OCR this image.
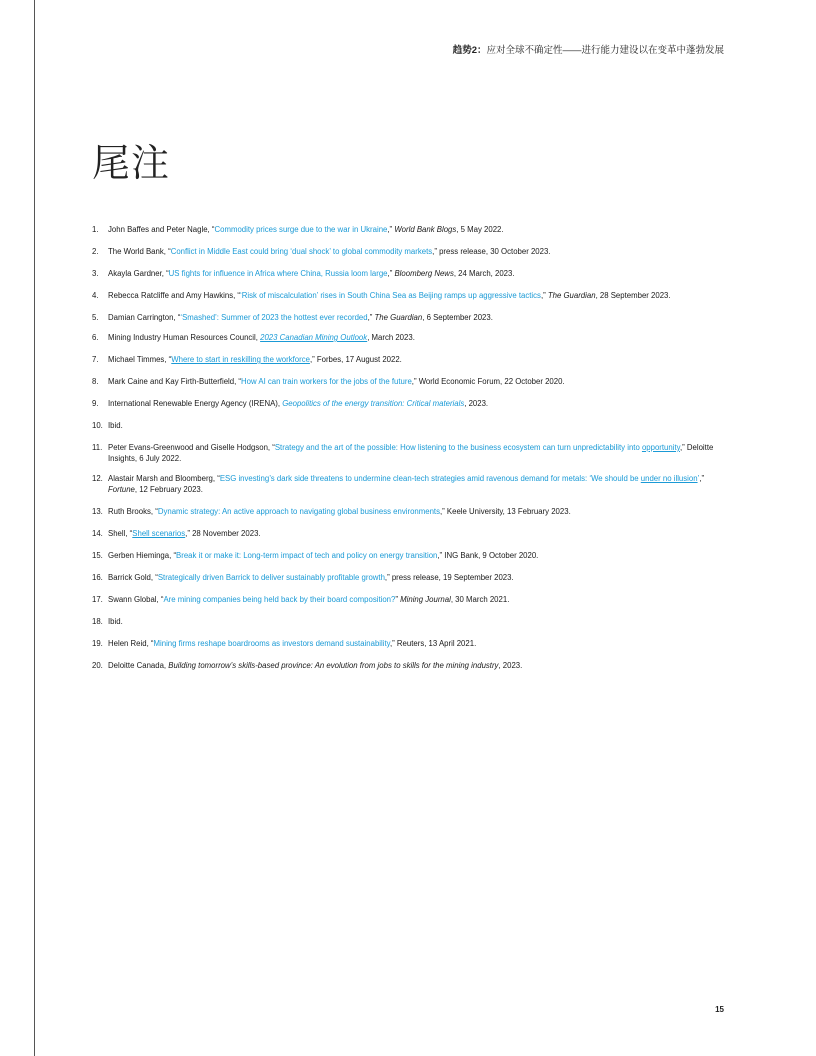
趋势2：应对全球不确定性——进行能力建设以在变革中蓬勃发展
尾注
1.	John Baffes and Peter Nagle, “Commodity prices surge due to the war in Ukraine,” World Bank Blogs, 5 May 2022.
2.	The World Bank, “Conflict in Middle East could bring ‘dual shock’ to global commodity markets,” press release, 30 October 2023.
3.	Akayla Gardner, “US fights for influence in Africa where China, Russia loom large,” Bloomberg News, 24 March, 2023.
4.	Rebecca Ratcliffe and Amy Hawkins, “‘Risk of miscalculation’ rises in South China Sea as Beijing ramps up aggressive tactics,” The Guardian, 28 September 2023.
5.	Damian Carrington, “‘Smashed’: Summer of 2023 the hottest ever recorded,” The Guardian, 6 September 2023.
6.	Mining Industry Human Resources Council, 2023 Canadian Mining Outlook, March 2023.
7.	Michael Timmes, “Where to start in reskilling the workforce,” Forbes, 17 August 2022.
8.	Mark Caine and Kay Firth-Butterfield, “How AI can train workers for the jobs of the future,” World Economic Forum, 22 October 2020.
9.	International Renewable Energy Agency (IRENA), Geopolitics of the energy transition: Critical materials, 2023.
10. Ibid.
11. Peter Evans-Greenwood and Giselle Hodgson, “Strategy and the art of the possible: How listening to the business ecosystem can turn unpredictability into opportunity,” Deloitte Insights, 6 July 2022.
12. Alastair Marsh and Bloomberg, “ESG investing’s dark side threatens to undermine clean-tech strategies amid ravenous demand for metals: ‘We should be under no illusion’,” Fortune, 12 February 2023.
13. Ruth Brooks, “Dynamic strategy: An active approach to navigating global business environments,” Keele University, 13 February 2023.
14. Shell, “Shell scenarios,” 28 November 2023.
15. Gerben Hieminga, “Break it or make it: Long-term impact of tech and policy on energy transition,” ING Bank, 9 October 2020.
16. Barrick Gold, “Strategically driven Barrick to deliver sustainably profitable growth,” press release, 19 September 2023.
17. Swann Global, “Are mining companies being held back by their board composition?” Mining Journal, 30 March 2021.
18. Ibid.
19. Helen Reid, “Mining firms reshape boardrooms as investors demand sustainability,” Reuters, 13 April 2021.
20. Deloitte Canada, Building tomorrow’s skills-based province: An evolution from jobs to skills for the mining industry, 2023.
15
